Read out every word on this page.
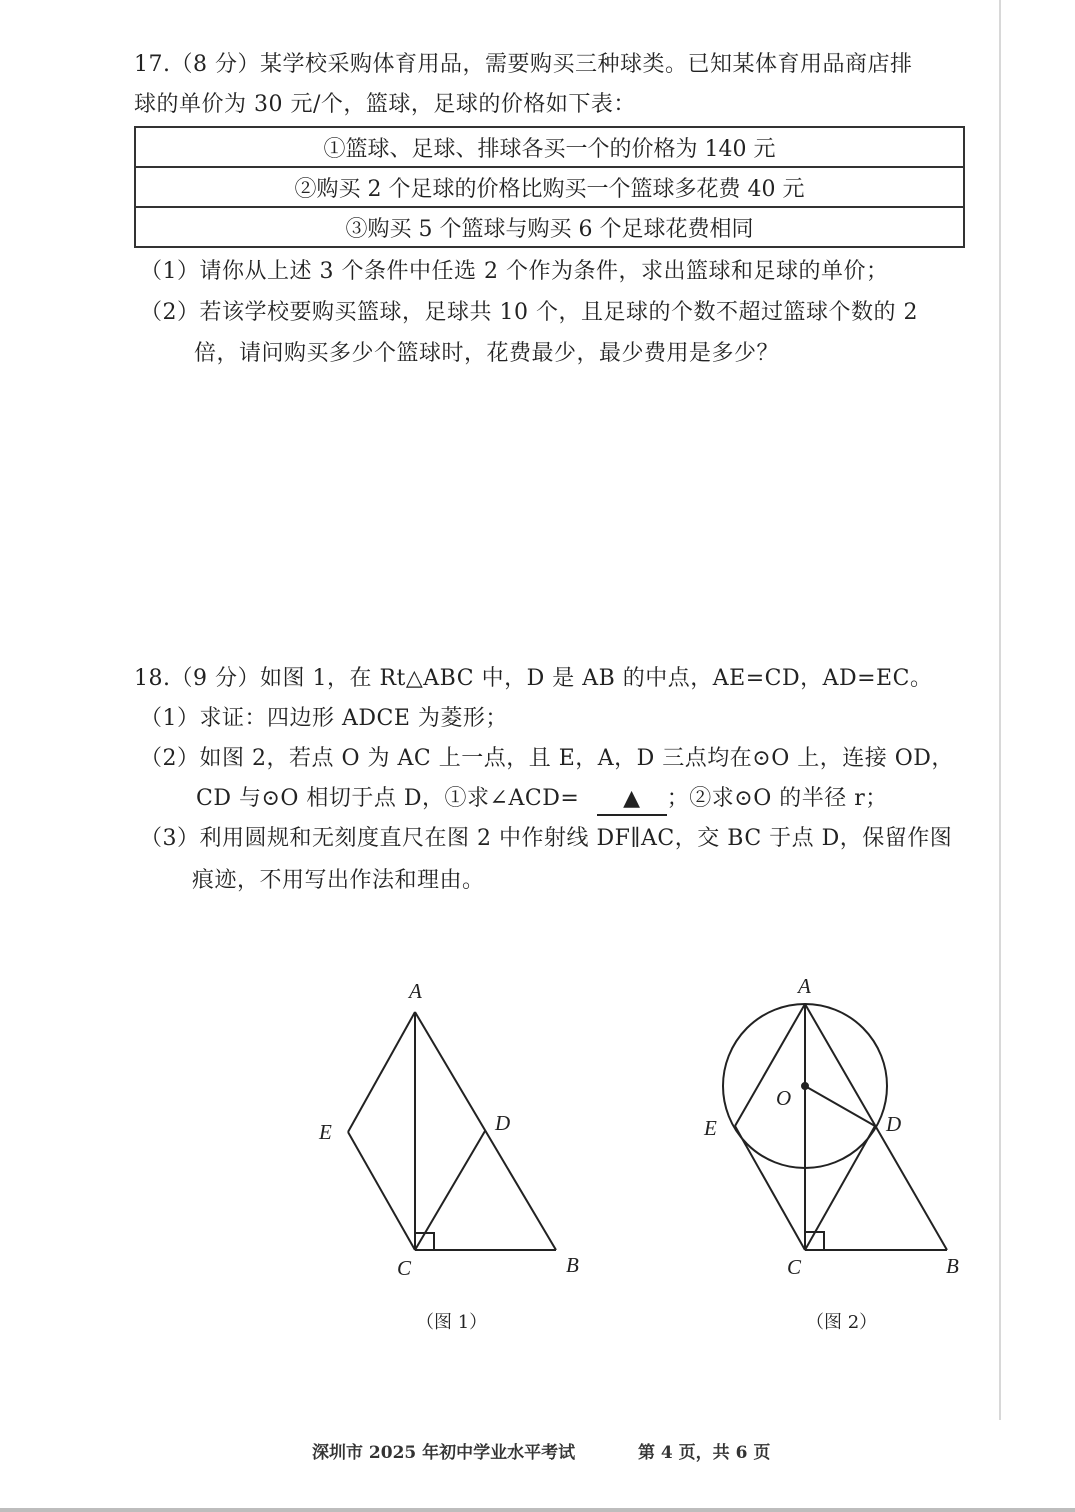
17.（8 分）某学校采购体育用品，需要购买三种球类。已知某体育用品商店排
球的单价为 30 元/个，篮球，足球的价格如下表：
①篮球、足球、排球各买一个的价格为 140 元
②购买 2 个足球的价格比购买一个篮球多花费 40 元
③购买 5 个篮球与购买 6 个足球花费相同
（1）请你从上述 3 个条件中任选 2 个作为条件，求出篮球和足球的单价；
（2）若该学校要购买篮球，足球共 10 个，且足球的个数不超过篮球个数的 2
倍，请问购买多少个篮球时，花费最少，最少费用是多少？
18.（9 分）如图 1，在 Rt△ABC 中，D 是 AB 的中点，AE=CD，AD=EC。
（1）求证：四边形 ADCE 为菱形；
（2）如图 2，若点 O 为 AC 上一点，且 E，A，D 三点均在⊙O 上，连接 OD，
CD 与⊙O 相切于点 D，①求∠ACD= ▲ ；②求⊙O 的半径 r；
（3）利用圆规和无刻度直尺在图 2 中作射线 DF∥AC，交 BC 于点 D，保留作图
痕迹，不用写出作法和理由。
A
E	D
C	B
A
O
E	D
C	B
（图 1）	（图 2）
深圳市 2025 年初中学业水平考试	第 4 页，共 6 页
